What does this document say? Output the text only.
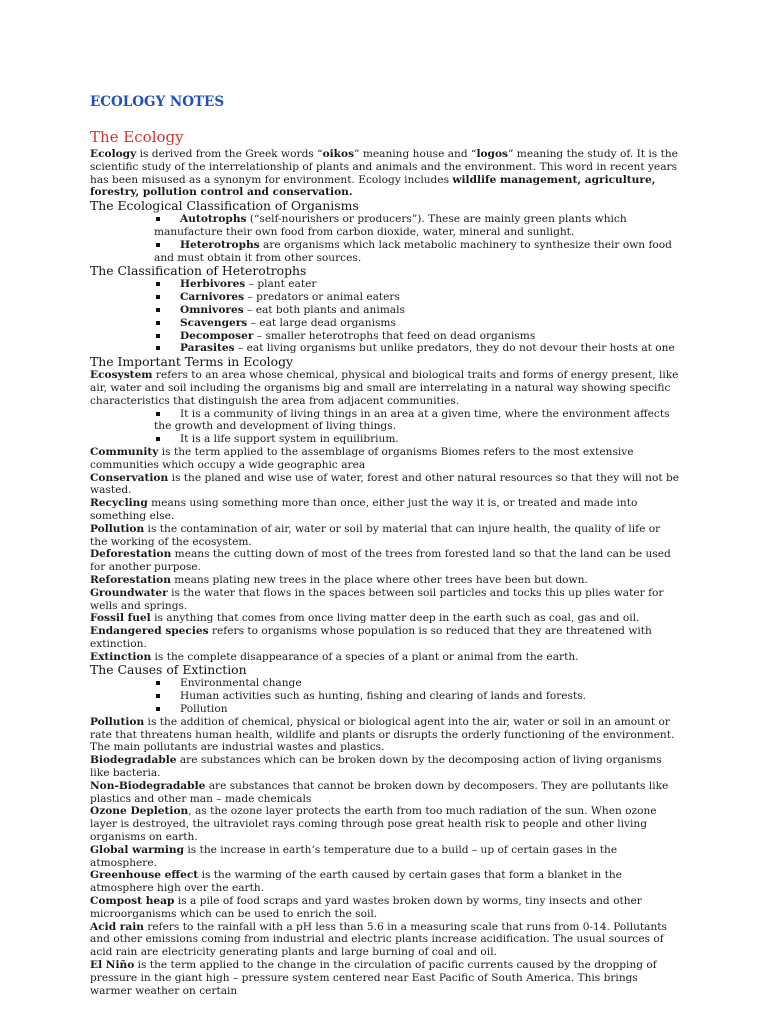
ECOLOGY NOTES
The Ecology

Ecology is derived from the Greek words “oikos” meaning house and “logos” meaning the study of. It is the scientific study of the interrelationship of plants and animals and the environment. This word in recent years has been misused as a synonym for environment. Ecology includes wildlife management, agriculture, forestry, pollution control and conservation.

The Ecological Classification of Organisms
Autotrophs (“self-nourishers or producers”). These are mainly green plants which manufacture their own food from carbon dioxide, water, mineral and sunlight.
Heterotrophs are organisms which lack metabolic machinery to synthesize their own food and must obtain it from other sources.
The Classification of Heterotrophs
Herbivores – plant eater
Carnivores – predators or animal eaters
Omnivores – eat both plants and animals
Scavengers – eat large dead organisms
Decomposer – smaller heterotrophs that feed on dead organisms
Parasites – eat living organisms but unlike predators, they do not devour their hosts at one
The Important Terms in Ecology

Ecosystem refers to an area whose chemical, physical and biological traits and forms of energy present, like air, water and soil including the organisms big and small are interrelating in a natural way showing specific characteristics that distinguish the area from adjacent communities.

It is a community of living things in an area at a given time, where the environment affects the growth and development of living things.
It is a life support system in equilibrium.

Community is the term applied to the assemblage of organisms Biomes refers to the most extensive communities which occupy a wide geographic area

Conservation is the planed and wise use of water, forest and other natural resources so that they will not be wasted.

Recycling means using something more than once, either just the way it is, or treated and made into something else.

Pollution is the contamination of air, water or soil by material that can injure health, the quality of life or the working of the ecosystem.

Deforestation means the cutting down of most of the trees from forested land so that the land can be used for another purpose.

Reforestation means plating new trees in the place where other trees have been but down.

Groundwater is the water that flows in the spaces between soil particles and tocks this up plies water for wells and springs.

Fossil fuel is anything that comes from once living matter deep in the earth such as coal, gas and oil.

Endangered species refers to organisms whose population is so reduced that they are threatened with extinction.

Extinction is the complete disappearance of a species of a plant or animal from the earth.

The Causes of Extinction
Environmental change
Human activities such as hunting, fishing and clearing of lands and forests.
Pollution

Pollution is the addition of chemical, physical or biological agent into the air, water or soil in an amount or rate that threatens human health, wildlife and plants or disrupts the orderly functioning of the environment. The main pollutants are industrial wastes and plastics.

Biodegradable are substances which can be broken down by the decomposing action of living organisms like bacteria.

Non-Biodegradable are substances that cannot be broken down by decomposers. They are pollutants like plastics and other man – made chemicals

Ozone Depletion, as the ozone layer protects the earth from too much radiation of the sun. When ozone layer is destroyed, the ultraviolet rays coming through pose great health risk to people and other living organisms on earth.

Global warming is the increase in earth’s temperature due to a build – up of certain gases in the atmosphere.

Greenhouse effect is the warming of the earth caused by certain gases that form a blanket in the atmosphere high over the earth.

Compost heap is a pile of food scraps and yard wastes broken down by worms, tiny insects and other microorganisms which can be used to enrich the soil.

Acid rain refers to the rainfall with a pH less than 5.6 in a measuring scale that runs from 0-14. Pollutants and other emissions coming from industrial and electric plants increase acidification. The usual sources of acid rain are electricity generating plants and large burning of coal and oil.

El Niño is the term applied to the change in the circulation of pacific currents caused by the dropping of pressure in the giant high – pressure system centered near East Pacific of South America. This brings warmer weather on certain
